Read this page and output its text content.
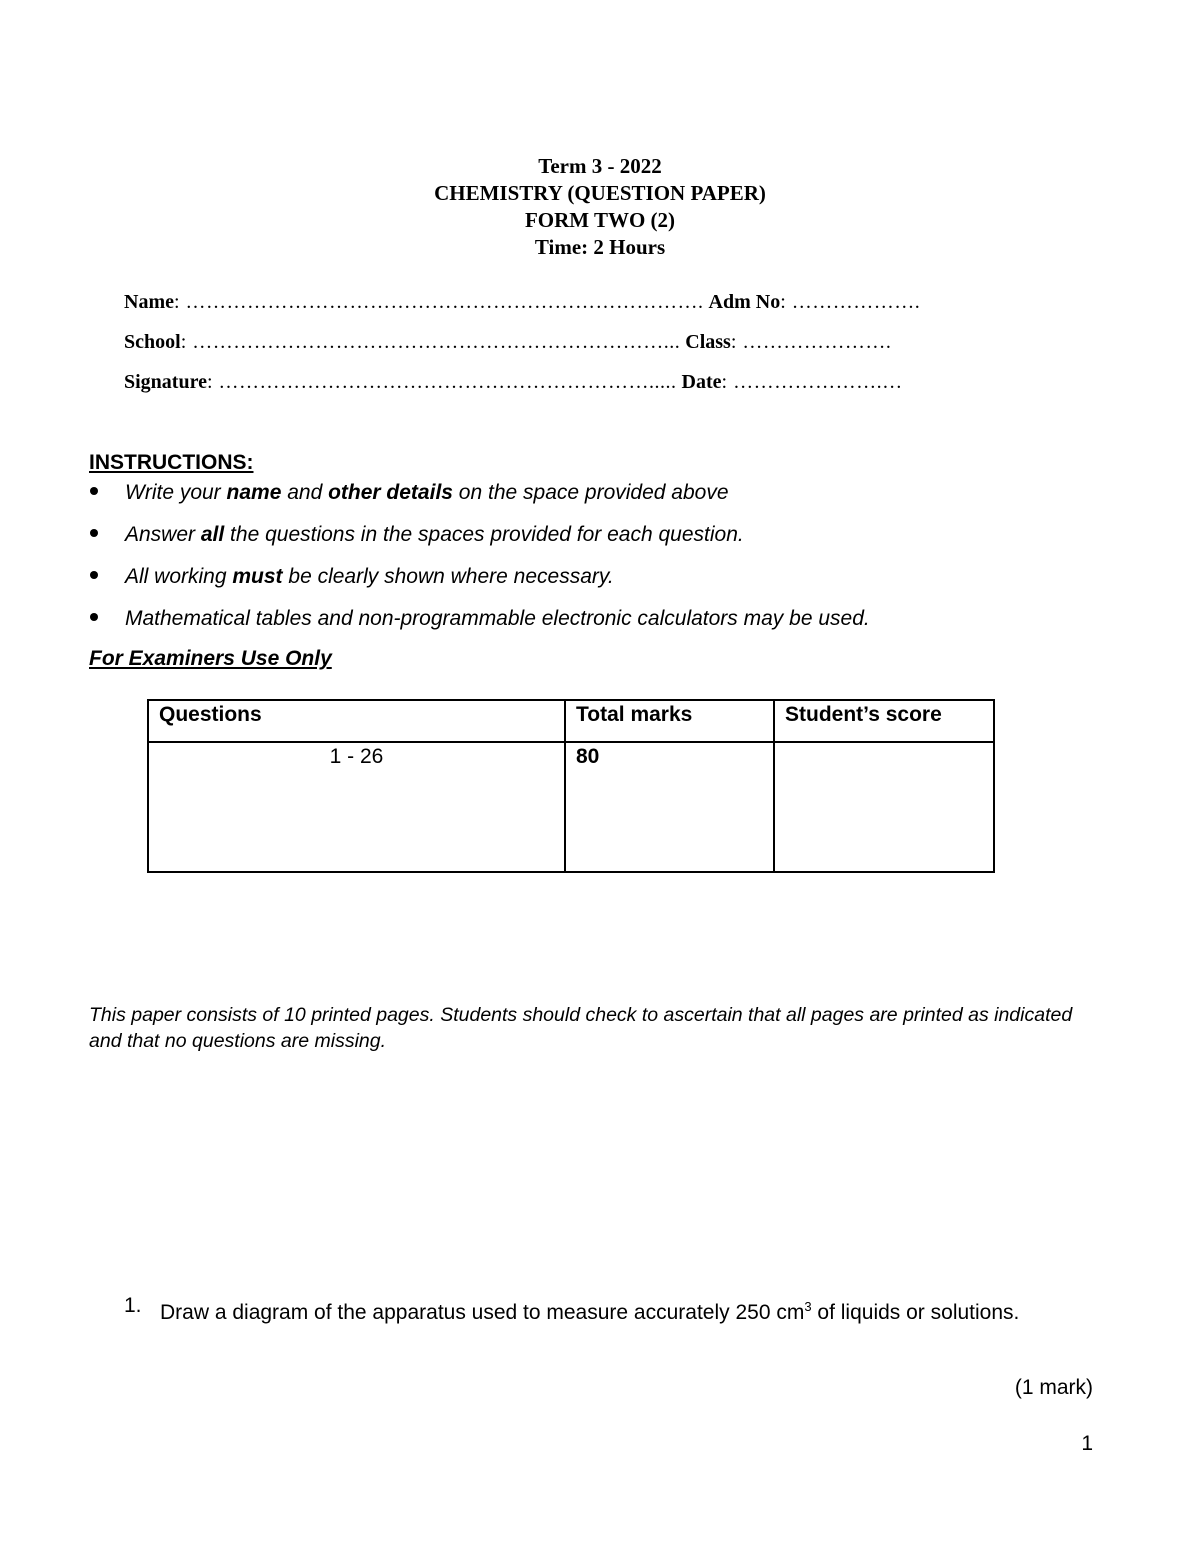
Term 3 - 2022
CHEMISTRY (QUESTION PAPER)
FORM TWO (2)
Time: 2 Hours
Name: …………………………………………………………………. Adm No: ……………….
School: ……………………………………………………………... Class: ………………….
Signature: ………………………………………………………..... Date: ………………….…
INSTRUCTIONS:
Write your name and other details on the space provided above
Answer all the questions in the spaces provided for each question.
All working must be clearly shown where necessary.
Mathematical tables and non-programmable electronic calculators may be used.
For Examiners Use Only
Questions	Total marks	Student’s score
1 - 26	80	
This paper consists of 10 printed pages. Students should check to ascertain that all pages are printed as indicated and that no questions are missing.
1. Draw a diagram of the apparatus used to measure accurately 250 $cm^3$ of liquids or solutions.
(1 mark)
1
